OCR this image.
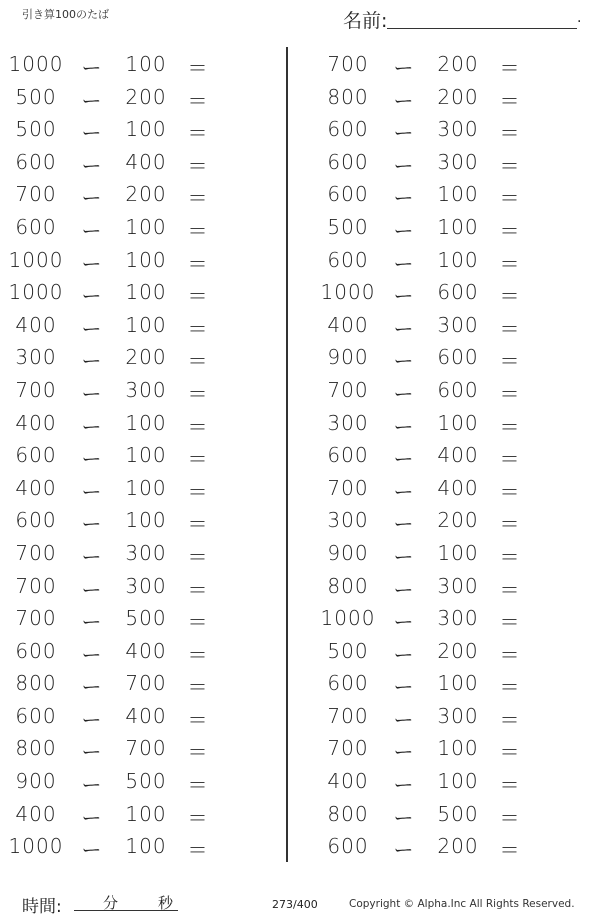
引き算100のたば	名前:	.
1000 ー 100 ＝
500	ー 200 ＝
500	ー 100 ＝
600	ー 400 ＝
700	ー 200 ＝
600	ー 100 ＝
1000 ー 100 ＝
1000 ー 100 ＝
400	ー 100 ＝
300	ー 200 ＝
700	ー 300 ＝
400	ー 100 ＝
600	ー 100 ＝
400	ー 100 ＝
600	ー 100 ＝
700	ー 300 ＝
700	ー 300 ＝
700	ー 500 ＝
600	ー 400 ＝
800	ー 700 ＝
600	ー 400 ＝
800	ー 700 ＝
900	ー 500 ＝
400	ー 100 ＝
1000 ー 100 ＝
700	ー 200 ＝
800	ー 200 ＝
600	ー 300 ＝
600	ー 300 ＝
600	ー 100 ＝
500	ー 100 ＝
600	ー 100 ＝
1000 ー 600 ＝
400	ー 300 ＝
900	ー 600 ＝
700	ー 600 ＝
300	ー 100 ＝
600	ー 400 ＝
700	ー 400 ＝
300	ー 200 ＝
900	ー 100 ＝
800	ー 300 ＝
1000 ー 300 ＝
500	ー 200 ＝
600	ー 100 ＝
700	ー 300 ＝
700	ー 100 ＝
400	ー 100 ＝
800	ー 500 ＝
600	ー 200 ＝
時間:	分	秒	273/400	Copyright © Alpha.Inc All Rights Reserved.
